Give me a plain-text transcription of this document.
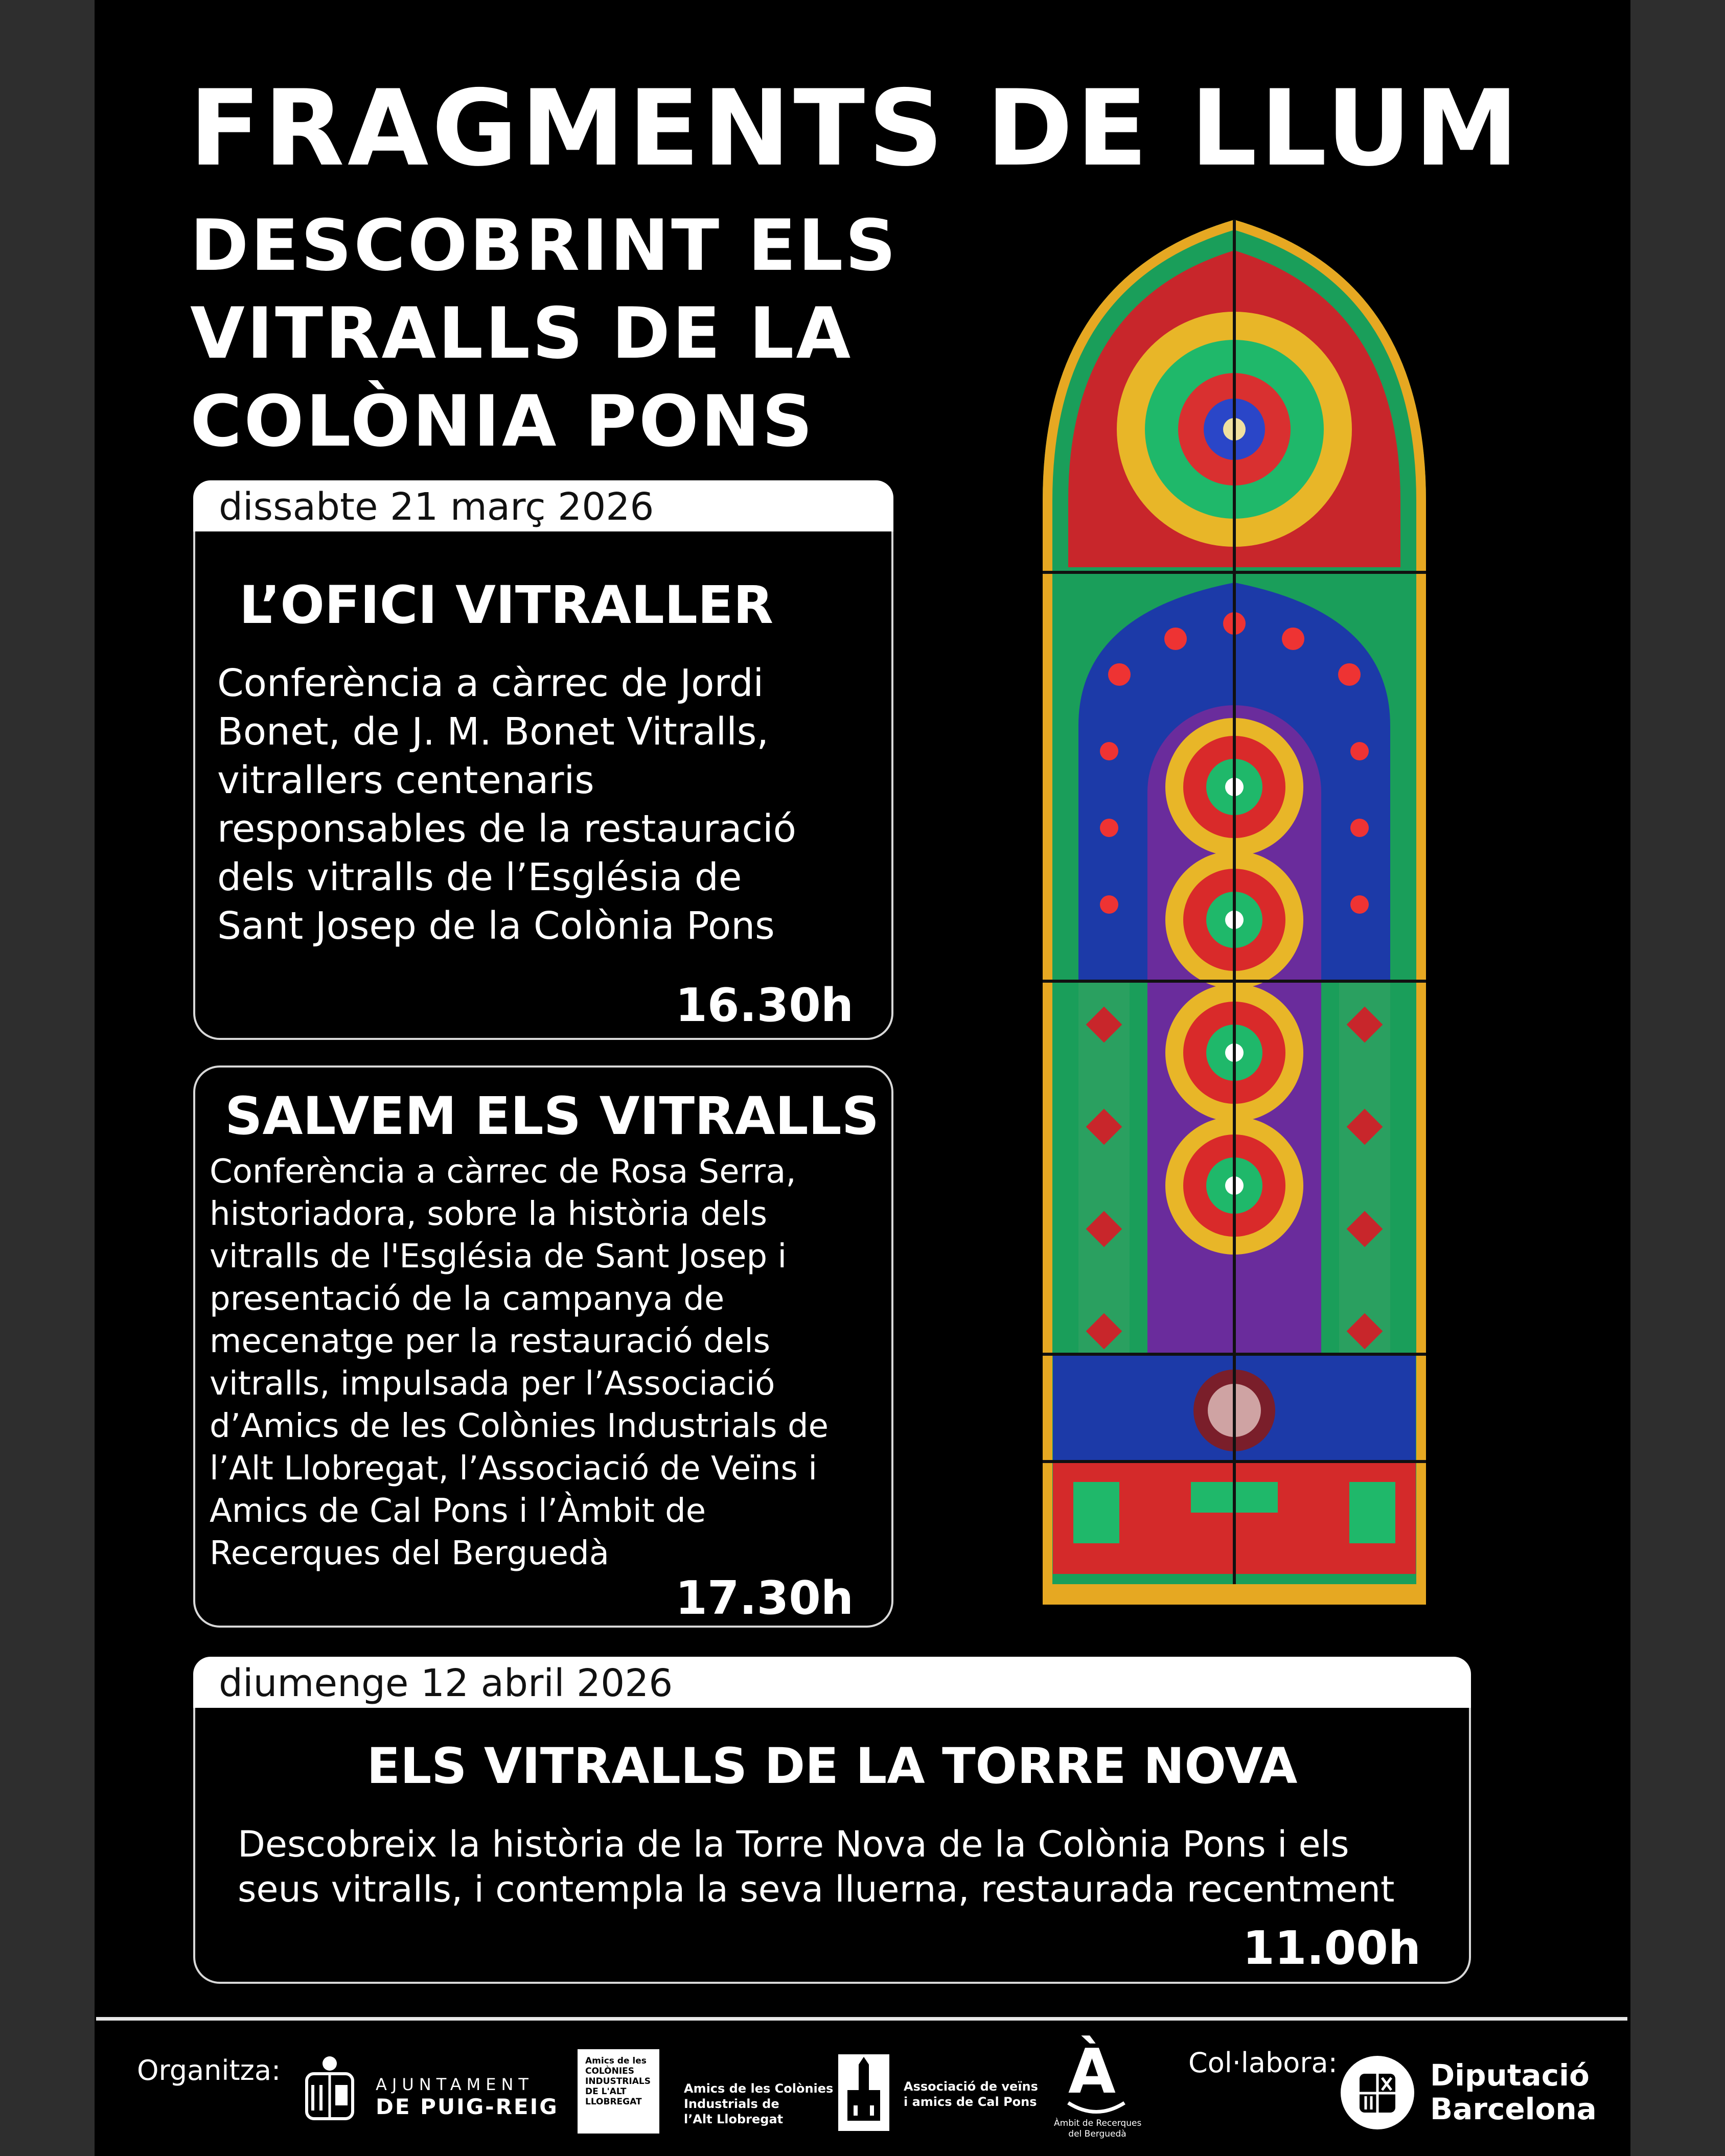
FRAGMENTS DE LLUM
DESCOBRINT ELS
VITRALLS DE LA
COLÒNIA PONS
dissabte 21 març 2026
L’OFICI VITRALLER
Conferència a càrrec de Jordi
Bonet, de J. M. Bonet Vitralls,
vitrallers centenaris
responsables de la restauració
dels vitralls de l’Església de
Sant Josep de la Colònia Pons
16.30h
SALVEM ELS VITRALLS
Conferència a càrrec de Rosa Serra,
historiadora, sobre la història dels
vitralls de l'Església de Sant Josep i
presentació de la campanya de
mecenatge per la restauració dels
vitralls, impulsada per l’Associació
d’Amics de les Colònies Industrials de
l’Alt Llobregat, l’Associació de Veïns i
Amics de Cal Pons i l’Àmbit de
Recerques del Berguedà
17.30h
diumenge 12 abril 2026
ELS VITRALLS DE LA TORRE NOVA
Descobreix la història de la Torre Nova de la Colònia Pons i els
seus vitralls, i contempla la seva lluerna, restaurada recentment
11.00h
Organitza:	AJUNTAMENT
DE PUIG-REIG
Amics de les
COLÒNIES
INDUSTRIALS
DE L'ALT
LLOBREGAT
Amics de les Colònies
Industrials de
l’Alt Llobregat
Associació de veïns
i amics de Cal Pons À
Àmbit de Recerques
del Berguedà
Col·labora:	Diputació
Barcelona
